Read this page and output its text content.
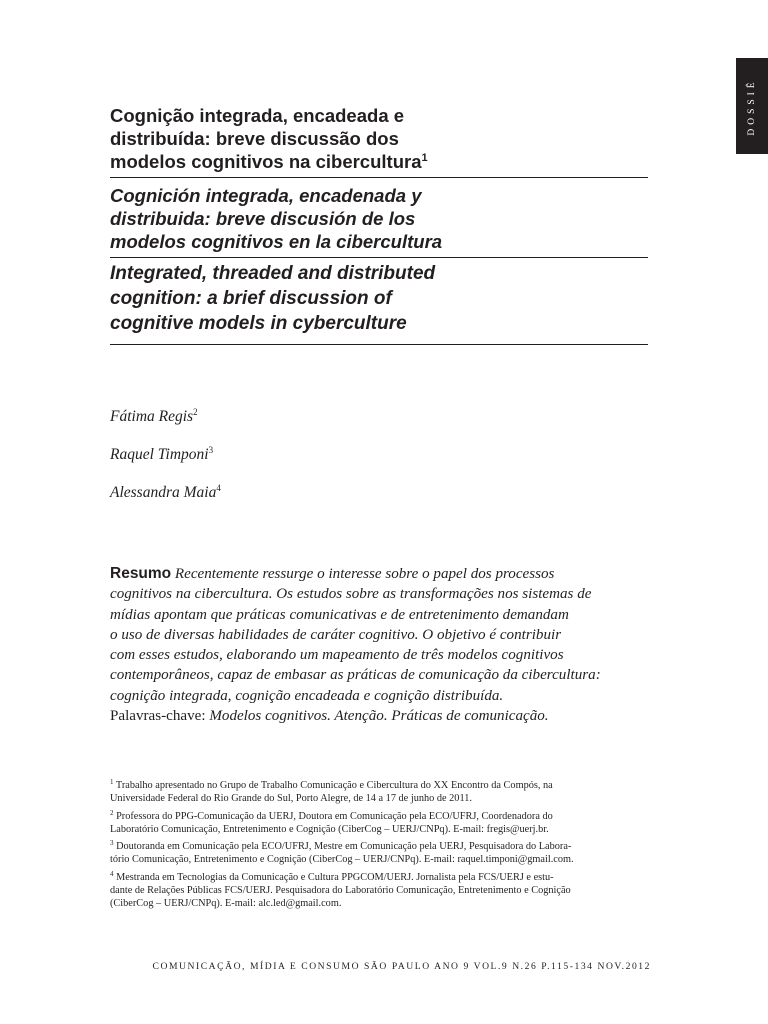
DOSSIÊ
Cognição integrada, encadeada e
distribuída: breve discussão dos
modelos cognitivos na cibercultura$^1$
Cognición integrada, encadenada y
distribuida: breve discusión de los
modelos cognitivos en la cibercultura
Integrated, threaded and distributed
cognition: a brief discussion of
cognitive models in cyberculture
Fátima Regis$^2$
Raquel Timponi$^3$
Alessandra Maia$^4$

Resumo Recentemente ressurge o interesse sobre o papel dos processos
cognitivos na cibercultura. Os estudos sobre as transformações nos sistemas de
mídias apontam que práticas comunicativas e de entretenimento demandam
o uso de diversas habilidades de caráter cognitivo. O objetivo é contribuir
com esses estudos, elaborando um mapeamento de três modelos cognitivos
contemporâneos, capaz de embasar as práticas de comunicação da cibercultura:
cognição integrada, cognição encadeada e cognição distribuída.

Palavras-chave: Modelos cognitivos. Atenção. Práticas de comunicação.

$^1$ Trabalho apresentado no Grupo de Trabalho Comunicação e Cibercultura do XX Encontro da Compós, na
Universidade Federal do Rio Grande do Sul, Porto Alegre, de 14 a 17 de junho de 2011.

$^2$ Professora do PPG-Comunicação da UERJ, Doutora em Comunicação pela ECO/UFRJ, Coordenadora do
Laboratório Comunicação, Entretenimento e Cognição (CiberCog – UERJ/CNPq). E-mail: fregis@uerj.br.

$^3$ Doutoranda em Comunicação pela ECO/UFRJ, Mestre em Comunicação pela UERJ, Pesquisadora do Labora-
tório Comunicação, Entretenimento e Cognição (CiberCog – UERJ/CNPq). E-mail: raquel.timponi@gmail.com.

$^4$ Mestranda em Tecnologias da Comunicação e Cultura PPGCOM/UERJ. Jornalista pela FCS/UERJ e estu-
dante de Relações Públicas FCS/UERJ. Pesquisadora do Laboratório Comunicação, Entretenimento e Cognição
(CiberCog – UERJ/CNPq). E-mail: alc.led@gmail.com.

COMUNICAÇÃO, MÍDIA E CONSUMO SÃO PAULO ANO 9 VOL.9 N.26 P.115-134 NOV.2012
